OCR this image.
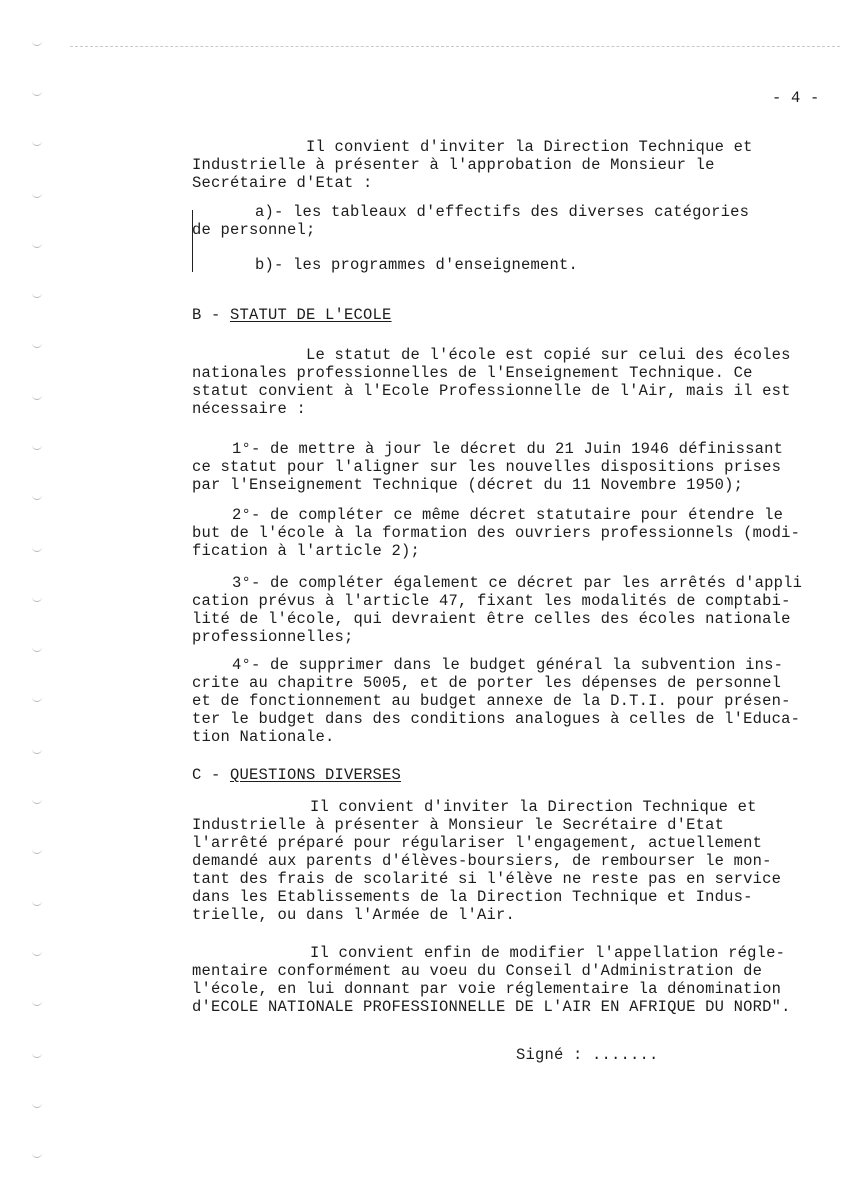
- 4 -
Il convient d'inviter la Direction Technique et
Industrielle à présenter à l'approbation de Monsieur le
Secrétaire d'Etat :
a)- les tableaux d'effectifs des diverses catégories
de personnel;
b)- les programmes d'enseignement.
B - STATUT DE L'ECOLE
Le statut de l'école est copié sur celui des écoles
nationales professionnelles de l'Enseignement Technique. Ce
statut convient à l'Ecole Professionnelle de l'Air, mais il est
nécessaire :
1°- de mettre à jour le décret du 21 Juin 1946 définissant
ce statut pour l'aligner sur les nouvelles dispositions prises
par l'Enseignement Technique (décret du 11 Novembre 1950);
2°- de compléter ce même décret statutaire pour étendre le
but de l'école à la formation des ouvriers professionnels (modi-
fication à l'article 2);
3°- de compléter également ce décret par les arrêtés d'appli
cation prévus à l'article 47, fixant les modalités de comptabi-
lité de l'école, qui devraient être celles des écoles nationale
professionnelles;
4°- de supprimer dans le budget général la subvention ins-
crite au chapitre 5005, et de porter les dépenses de personnel
et de fonctionnement au budget annexe de la D.T.I. pour présen-
ter le budget dans des conditions analogues à celles de l'Educa-
tion Nationale.
C - QUESTIONS DIVERSES
Il convient d'inviter la Direction Technique et
Industrielle à présenter à Monsieur le Secrétaire d'Etat
l'arrêté préparé pour régulariser l'engagement, actuellement
demandé aux parents d'élèves-boursiers, de rembourser le mon-
tant des frais de scolarité si l'élève ne reste pas en service
dans les Etablissements de la Direction Technique et Indus-
trielle, ou dans l'Armée de l'Air.
Il convient enfin de modifier l'appellation régle-
mentaire conformément au voeu du Conseil d'Administration de
l'école, en lui donnant par voie réglementaire la dénomination
d'ECOLE NATIONALE PROFESSIONNELLE DE L'AIR EN AFRIQUE DU NORD".
Signé : .......
